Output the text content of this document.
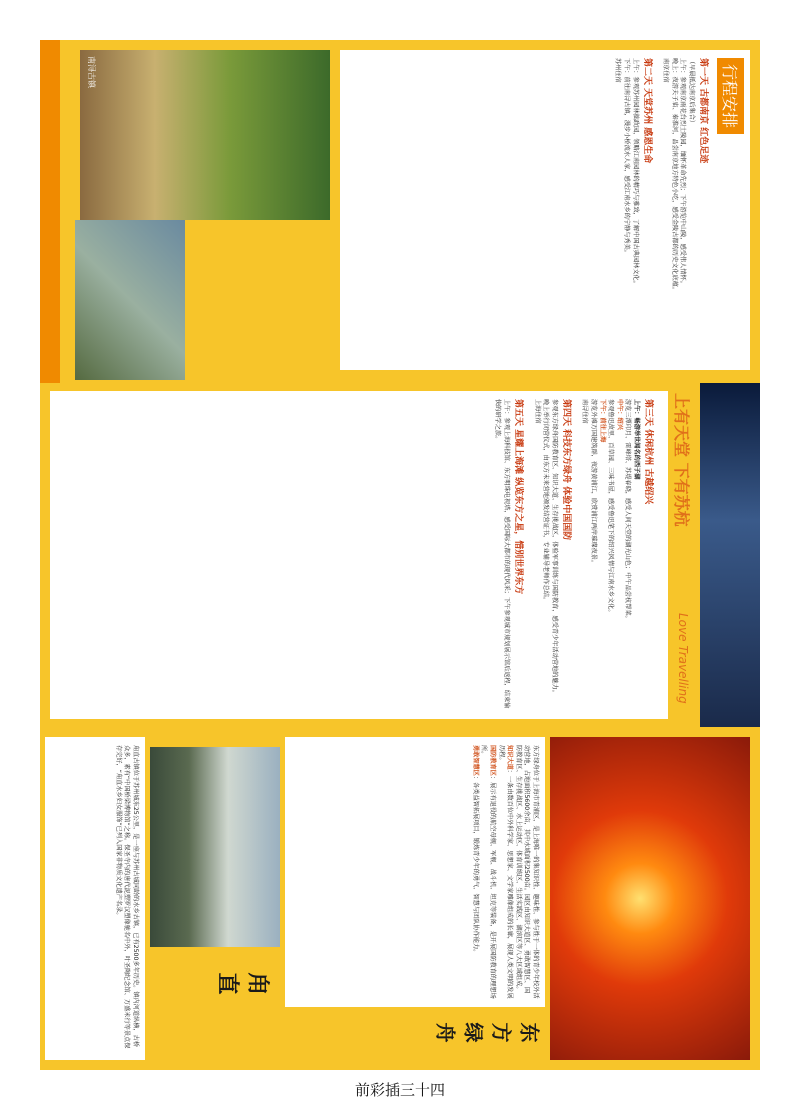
南浔古镇	行程安排
第一天 古都南京 红色足迹

（早晨抵达南京后集合）

上午：参观南京雨花台烈士陵园，缅怀革命先烈；下午游览中山陵，感受伟人情怀。

晚上：夜游夫子庙、秦淮河，品尝南京地方特色小吃，感受金陵古都的历史文化底蕴。

南京住宿

第二天 天堂苏州 感恩生命

上午：参观苏州园林拙政园，领略江南园林的精巧与雅致，了解中国古典园林文化。

下午：前往南浔古镇，漫步小桥流水人家，感受江南水乡的宁静与秀美。

苏州住宿

上有天堂 下有苏杭
Love Travelling
第三天 休闲杭州 古越绍兴

上午：畅游举世闻名的西子湖

游览三潭印月、雷峰塔、苏堤春晓，感受人间天堂的湖光山色；中午品尝杭帮菜。

中午：绍兴

参观鲁迅故里、百草园、三味书屋，感受鲁迅笔下的绍兴风情与江南水乡文化。

下午：前往上海

游览外滩万国建筑群，夜游黄浦江，欣赏浦江两岸璀璨夜景。

南浔住宿

第四天 科技东方绿舟 体验中国国防

参观东方绿舟国防教育区、知识大道、生存挑战区，体验军事训练与国防教育，感受青少年活动营地的魅力。

晚上举行闭营仪式，由东方未来营地颁发结营证书，专业辅导老师作总结。

上海住宿

第五天 星耀上海滩 纵览东方之星，惜别世界东方

上午：参观上海科技馆、东方明珠电视塔，感受国际大都市的现代风采；下午参观城市规划展示馆后返程，结束愉快的研学之旅。

东方绿舟

东方绿舟位于上海市青浦区，是上海唯一的集知识性、趣味性、参与性于一体的青少年校外活动营地，占地面积5600余亩，其中水域面积2500亩。园区由知识大道区、勇敢智慧区、国防教育区、生存挑战区、水上运动区、体育训练区、生活实践区、湖滨区等八大区域组成。

知识大道：一条由数百位中外科学家、思想家、文学家雕像组成的长廊，展现人类文明的发展历程。

国防教育区：展示有退役的航空母舰、军舰、战斗机、坦克等装备，是开展国防教育的理想场所。

勇敢智慧区：各类益智拓展项目，锻炼青少年的勇气、智慧与团队协作能力。

甪直

甪直古镇位于苏州城东25公里，是一座与苏州古城同龄的水乡古镇，已有2500多年历史。镇内河道纵横，古桥众多，素有“中国桥梁博物馆”之称。保圣寺内的唐代泥塑罗汉塑像驰名中外，叶圣陶纪念馆、万盛米行等景点保存完好，“甪直水乡妇女服饰”已列入国家非物质文化遗产名录。

前彩插三十四
